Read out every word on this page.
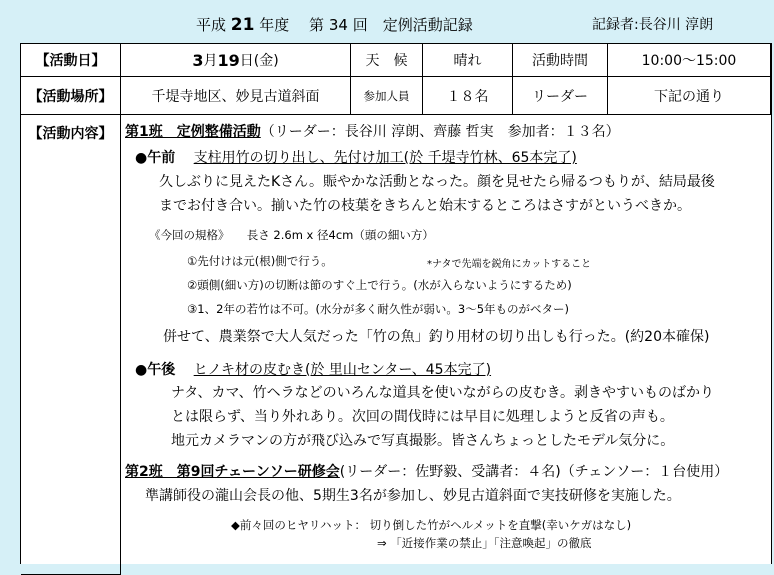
平成 21 年度　 第 34 回　 定例活動記録	記録者:長谷川 淳朗
【活動日】	3 月 19 日(金)	天　候	晴れ	活動時間	10:00〜15:00
【活動場所】	千堤寺地区、妙見古道斜面	参加人員	１８名	リーダー	下記の通り
【活動内容】 第1班　定例整備活動（リーダー：長谷川 淳朗、齊藤 哲実　参加者：１３名）
●午前　 支柱用竹の切り出し、先付け加工(於 千堤寺竹林、65本完了)
久しぶりに見えたKさん。賑やかな活動となった。顔を見せたら帰るつもりが、結局最後
までお付き合い。揃いた竹の枝葉をきちんと始末するところはさすがというべきか。
《今回の規格》　　 長さ 2.6m x 径4cm（頭の細い方）
①先付けは元(根)側で行う。	*ナタで先端を鋭角にカットすること
②頭側(細い方)の切断は節のすぐ上で行う。(水が入らないようにするため)
③1、2年の若竹は不可。(水分が多く耐久性が弱い。3〜5年ものがベター)
併せて、農業祭で大人気だった「竹の魚」釣り用材の切り出しも行った。(約20本確保)
●午後　 ヒノキ材の皮むき(於 里山センター、45本完了)
ナタ、カマ、竹ヘラなどのいろんな道具を使いながらの皮むき。剥きやすいものばかり
とは限らず、当り外れあり。次回の間伐時には早目に処理しようと反省の声も。
地元カメラマンの方が飛び込みで写真撮影。皆さんちょっとしたモデル気分に。
第2班　第9回チェーンソー研修会(リーダー：佐野毅、受講者：４名)（チェンソー：１台使用）
準講師役の瀧山会長の他、5期生3名が参加し、妙見古道斜面で実技研修を実施した。
◆前々回のヒヤリハット： 切り倒した竹がヘルメットを直撃(幸いケガはなし)
⇒ 「近接作業の禁止」「注意喚起」の徹底
